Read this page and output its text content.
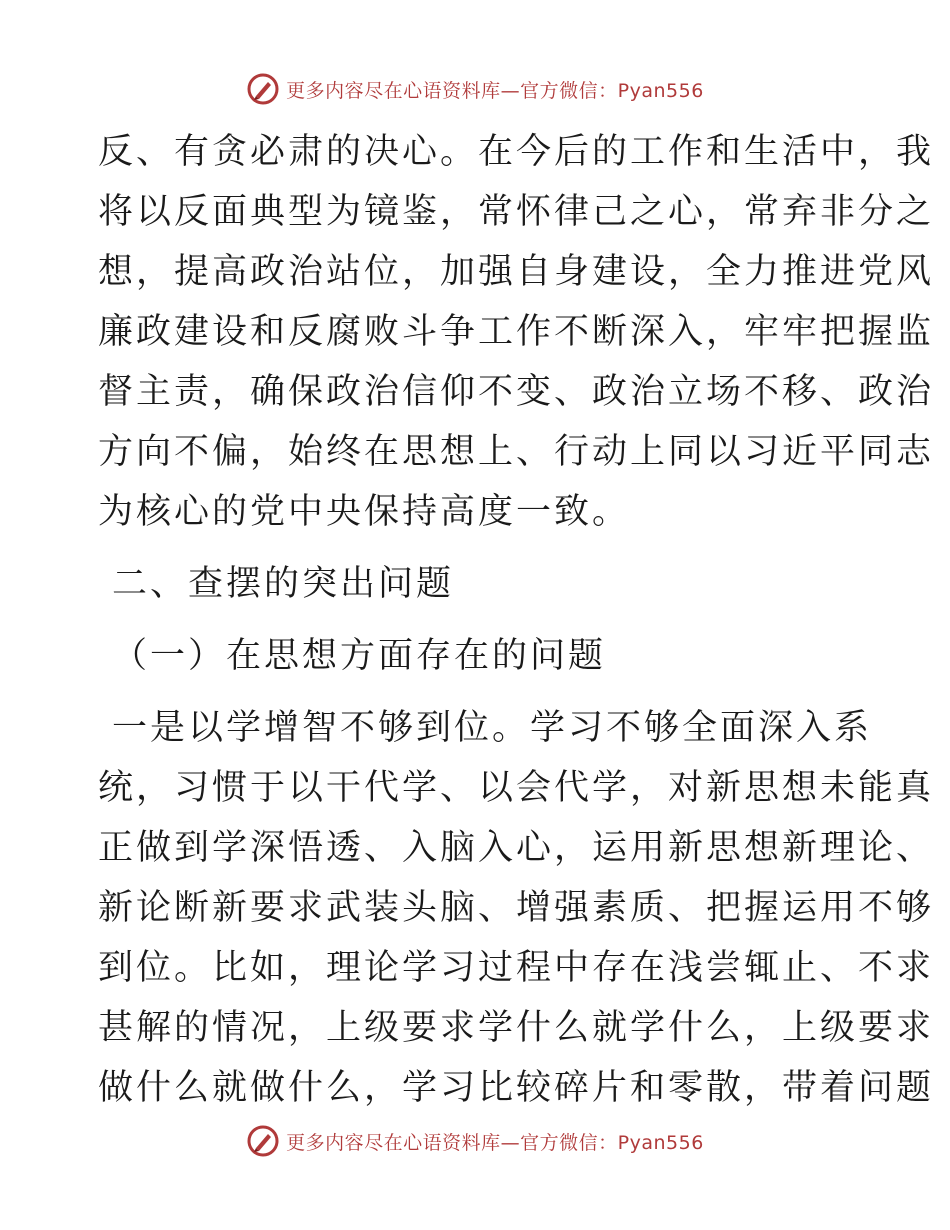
更多内容尽在心语资料库—官方微信：Pyan556
反、有贪必肃的决心。在今后的工作和生活中，我
将以反面典型为镜鉴，常怀律己之心，常弃非分之
想，提高政治站位，加强自身建设，全力推进党风
廉政建设和反腐败斗争工作不断深入，牢牢把握监
督主责，确保政治信仰不变、政治立场不移、政治
方向不偏，始终在思想上、行动上同以习近平同志
为核心的党中央保持高度一致。
二、查摆的突出问题
（一）在思想方面存在的问题
一是以学增智不够到位。学习不够全面深入系
统，习惯于以干代学、以会代学，对新思想未能真
正做到学深悟透、入脑入心，运用新思想新理论、
新论断新要求武装头脑、增强素质、把握运用不够
到位。比如，理论学习过程中存在浅尝辄止、不求
甚解的情况，上级要求学什么就学什么，上级要求
做什么就做什么，学习比较碎片和零散，带着问题
更多内容尽在心语资料库—官方微信：Pyan556
